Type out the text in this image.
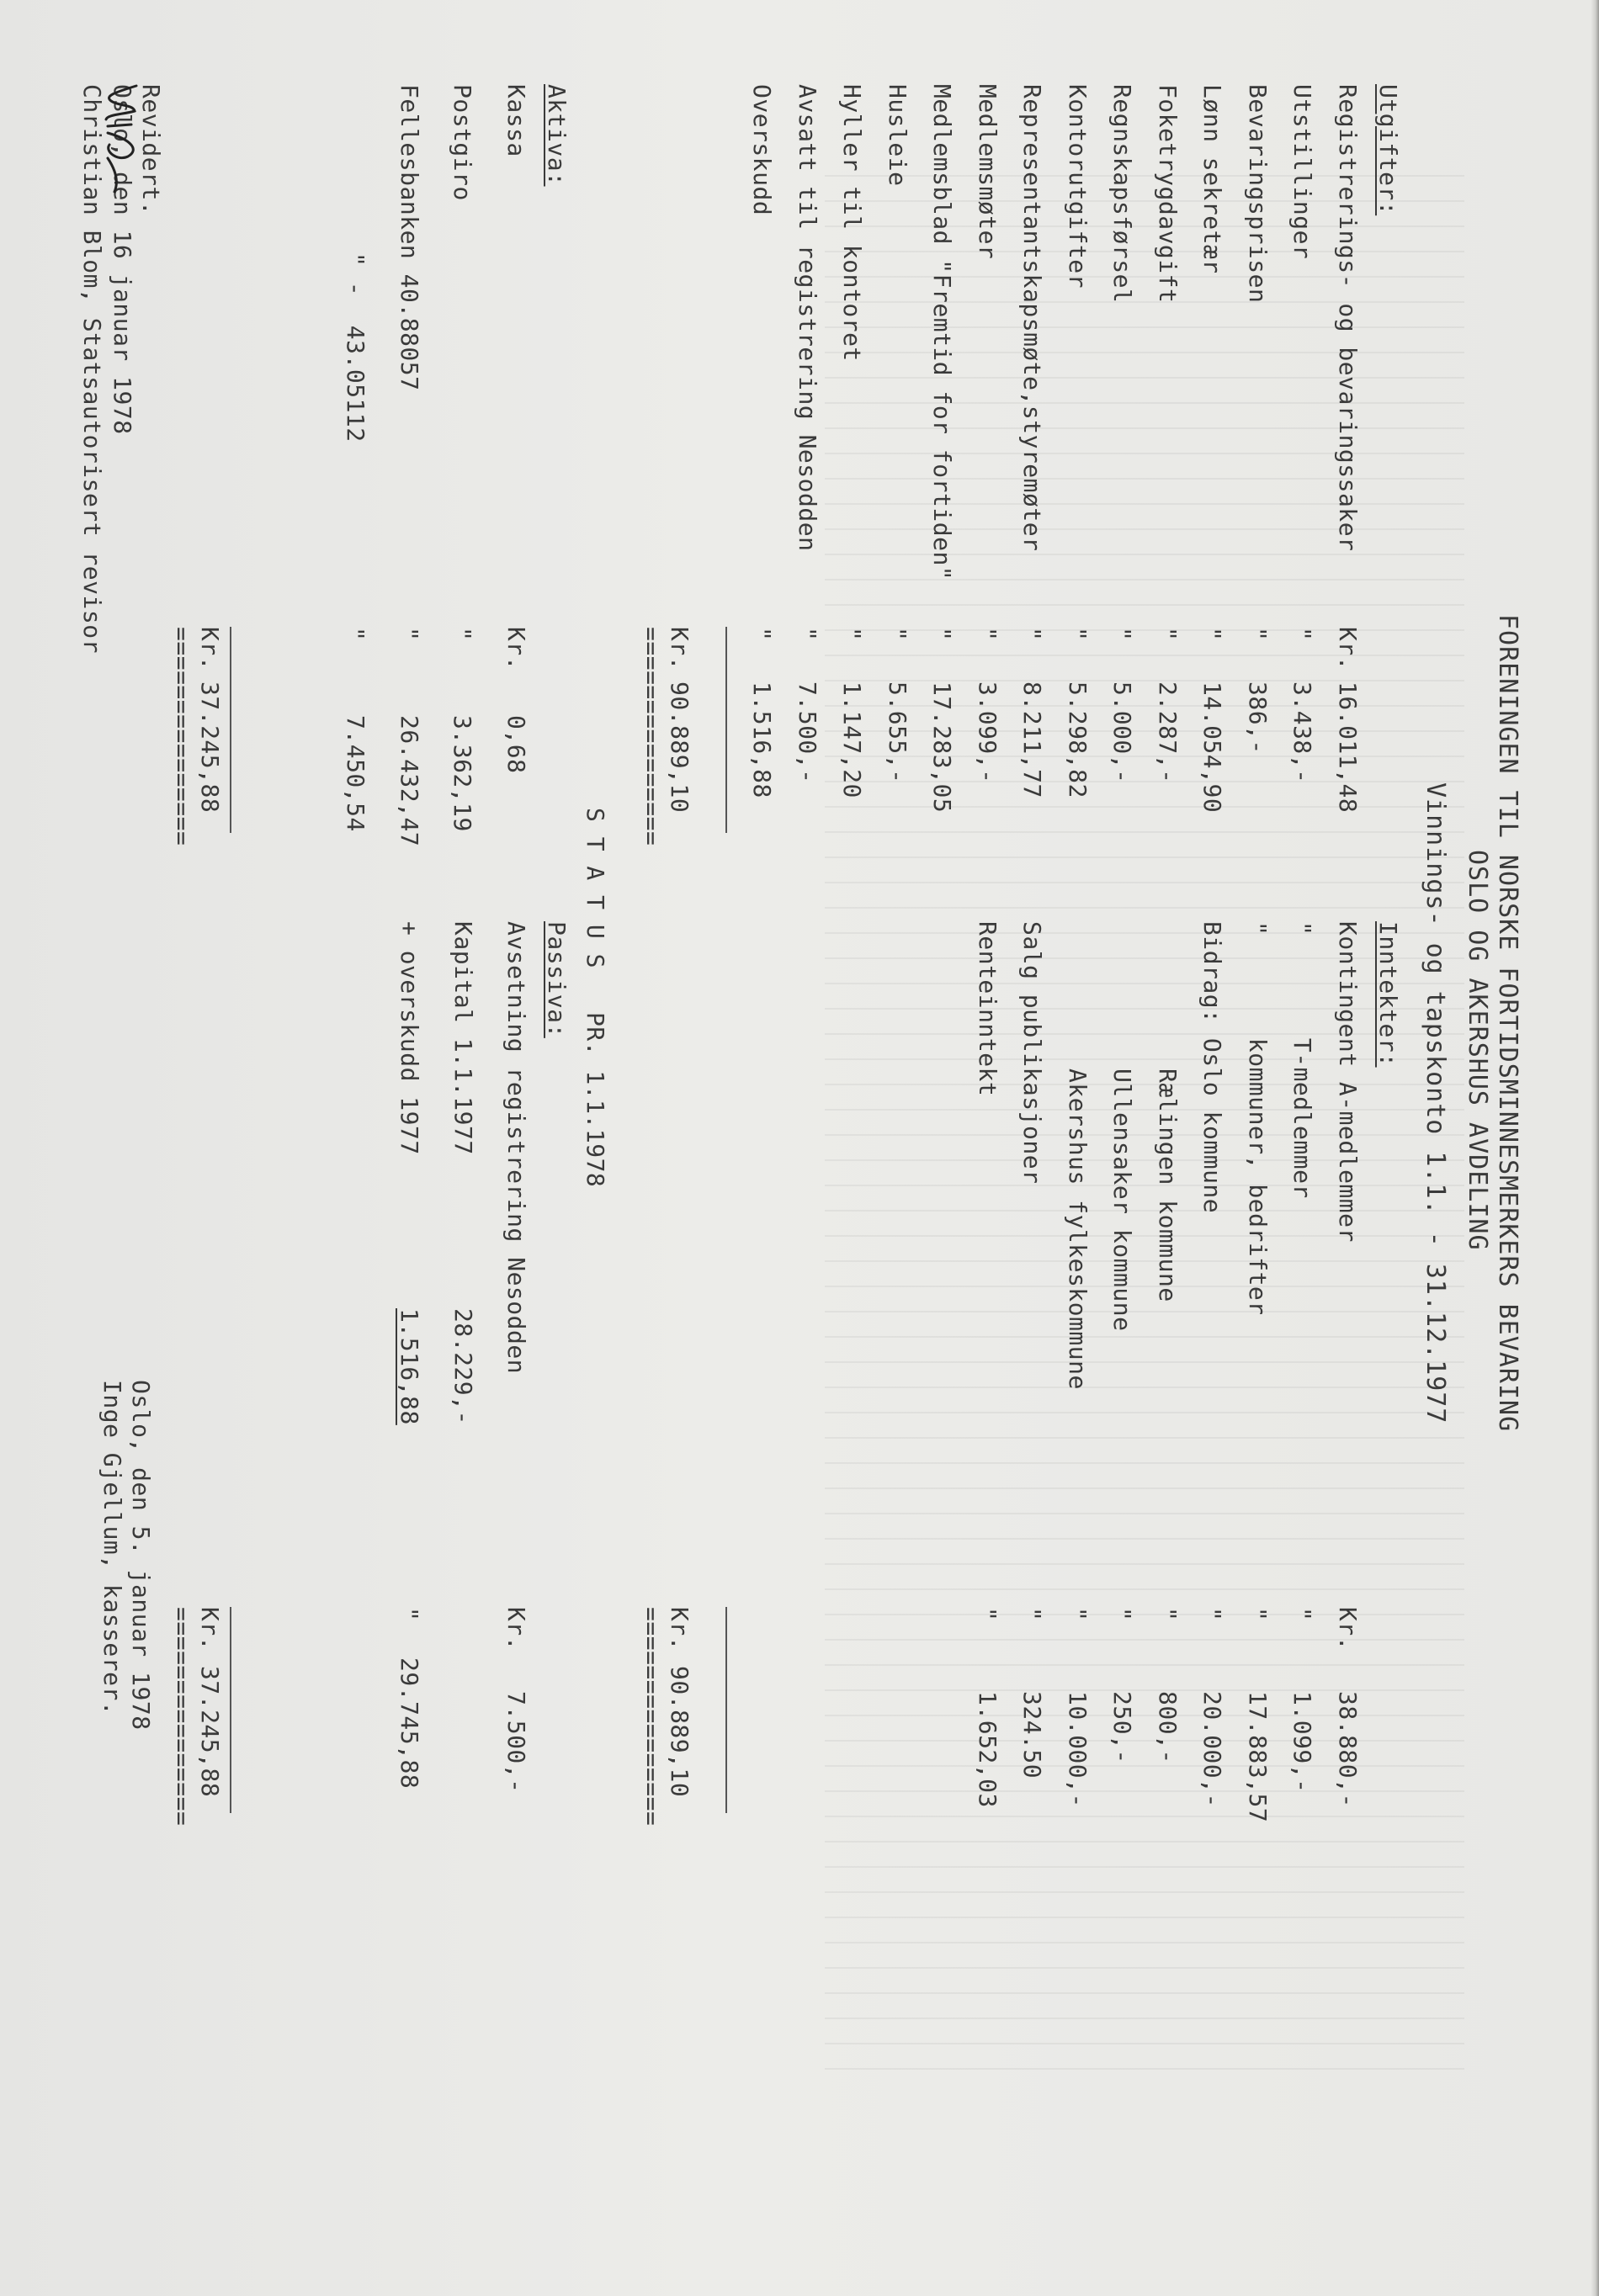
FORENINGEN TIL NORSKE FORTIDSMINNESMERKERS BEVARING
OSLO OG AKERSHUS AVDELING
Vinnings- og tapskonto 1.1. - 31.12.1977
Utgifter:
Registrerings- og bevaringssaker
Utstillinger
Bevaringsprisen
Lønn sekretær
Foketrygdavgift
Regnskapsførsel
Kontorutgifter
Representantskapsmøte,styremøter
Medlemsmøter
Medlemsblad "Fremtid for fortiden"
Husleie
Hyller til kontoret
Avsatt til registrering Nesodden
Overskudd
Kr.
"
"
"
"
"
"
"
"
"
"
"
"
"
16.011,48
3.438,-
386,-
14.054,90
2.287,-
5.000,-
5.298,82
8.211,77
3.099,-
17.283,05
5.655,-
1.147,20
7.500,-
1.516,88
Kr.
90.889,10
===============
Inntekter:
Kontingent A-medlemmer
"       T-medlemmer
"       kommuner, bedrifter
Bidrag: Oslo kommune
Rælingen kommune
Ullensaker kommune
Akershus fylkeskommune
Salg publikasjoner
Renteinntekt
Kr.
"
"
"
"
"
"
"
"
38.880,-
1.099,-
17.883,57
20.000,-
800,-
250,-
10.000,-
324.50
1.652,03
Kr.
90.889,10
===============
S T A T U S   PR. 1.1.1978
Aktiva:
Kassa
Postgiro
Fellesbanken 40.88057
" -  43.05112
Kr.
"
"
"
0,68
3.362,19
26.432,47
7.450,54
Kr.
37.245,88
===============
Passiva:
Avsetning registrering Nesodden
Kr.
7.500,-
Kapital 1.1.1977
28.229,-
+ overskudd 1977
1.516,88
"
29.745,88
Kr.
37.245,88
===============
Oslo, den 5. januar 1978
Inge Gjellum, kasserer.
Revidert.
Oslo, den 16 januar 1978
Christian Blom, Statsautorisert revisor
